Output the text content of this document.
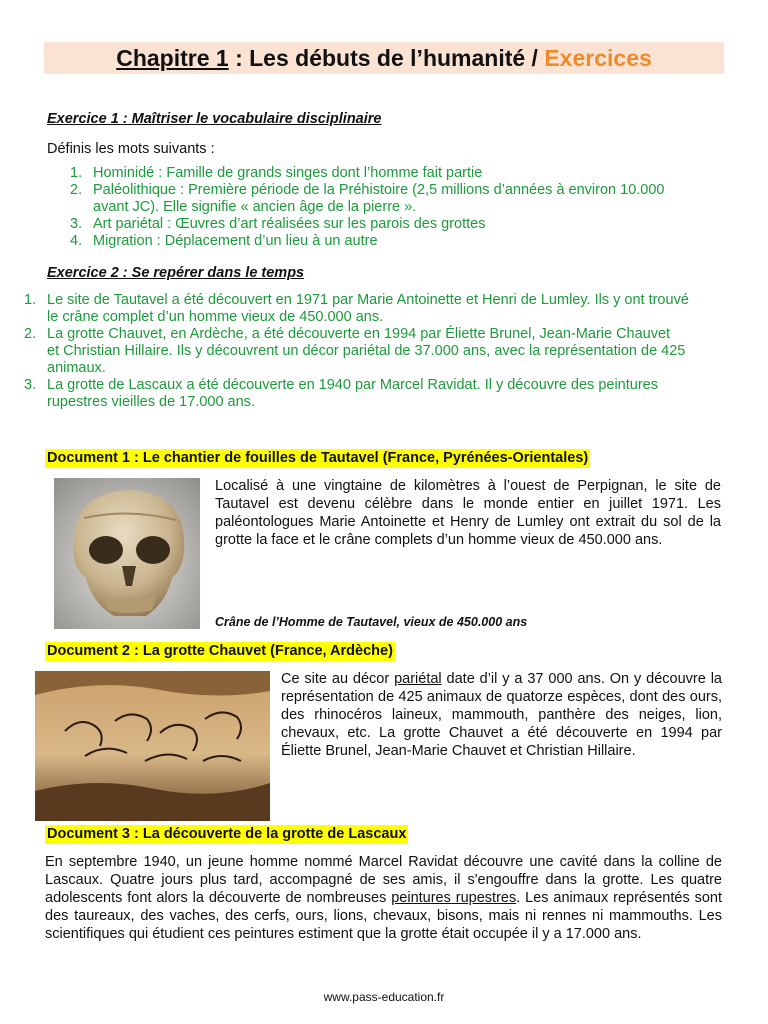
Chapitre 1 : Les débuts de l’humanité / Exercices
Exercice 1 : Maîtriser le vocabulaire disciplinaire
Définis les mots suivants :
1. Hominidé : Famille de grands singes dont l’homme fait partie
2. Paléolithique : Première période de la Préhistoire (2,5 millions d’années à environ 10.000
avant JC). Elle signifie « ancien âge de la pierre ».
3. Art pariétal : Œuvres d’art réalisées sur les parois des grottes
4. Migration : Déplacement d’un lieu à un autre
Exercice 2 : Se repérer dans le temps
1. Le site de Tautavel a été découvert en 1971 par Marie Antoinette et Henri de Lumley. Ils y ont trouvé
le crâne complet d’un homme vieux de 450.000 ans.
2. La grotte Chauvet, en Ardèche, a été découverte en 1994 par Éliette Brunel, Jean-Marie Chauvet
et Christian Hillaire. Ils y découvrent un décor pariétal de 37.000 ans, avec la représentation de 425
animaux.
3. La grotte de Lascaux a été découverte en 1940 par Marcel Ravidat. Il y découvre des peintures
rupestres vieilles de 17.000 ans.
Document 1 : Le chantier de fouilles de Tautavel (France, Pyrénées-Orientales)
Localisé à une vingtaine de kilomètres à l’ouest de Perpignan, le site de Tautavel est devenu célèbre dans le monde entier en juillet 1971. Les paléontologues Marie Antoinette et Henry de Lumley ont extrait du sol de la grotte la face et le crâne complets d’un homme vieux de 450.000 ans.
Crâne de l’Homme de Tautavel, vieux de 450.000 ans
Document 2 : La grotte Chauvet (France, Ardèche)
Ce site au décor pariétal date d’il y a 37 000 ans. On y découvre la représentation de 425 animaux de quatorze espèces, dont des ours, des rhinocéros laineux, mammouth, panthère des neiges, lion, chevaux, etc. La grotte Chauvet a été découverte en 1994 par Éliette Brunel, Jean-Marie Chauvet et Christian Hillaire.
Document 3 : La découverte de la grotte de Lascaux
En septembre 1940, un jeune homme nommé Marcel Ravidat découvre une cavité dans la colline de Lascaux. Quatre jours plus tard, accompagné de ses amis, il s'engouffre dans la grotte. Les quatre adolescents font alors la découverte de nombreuses peintures rupestres. Les animaux représentés sont des taureaux, des vaches, des cerfs, ours, lions, chevaux, bisons, mais ni rennes ni mammouths. Les scientifiques qui étudient ces peintures estiment que la grotte était occupée il y a 17.000 ans.
www.pass-education.fr
